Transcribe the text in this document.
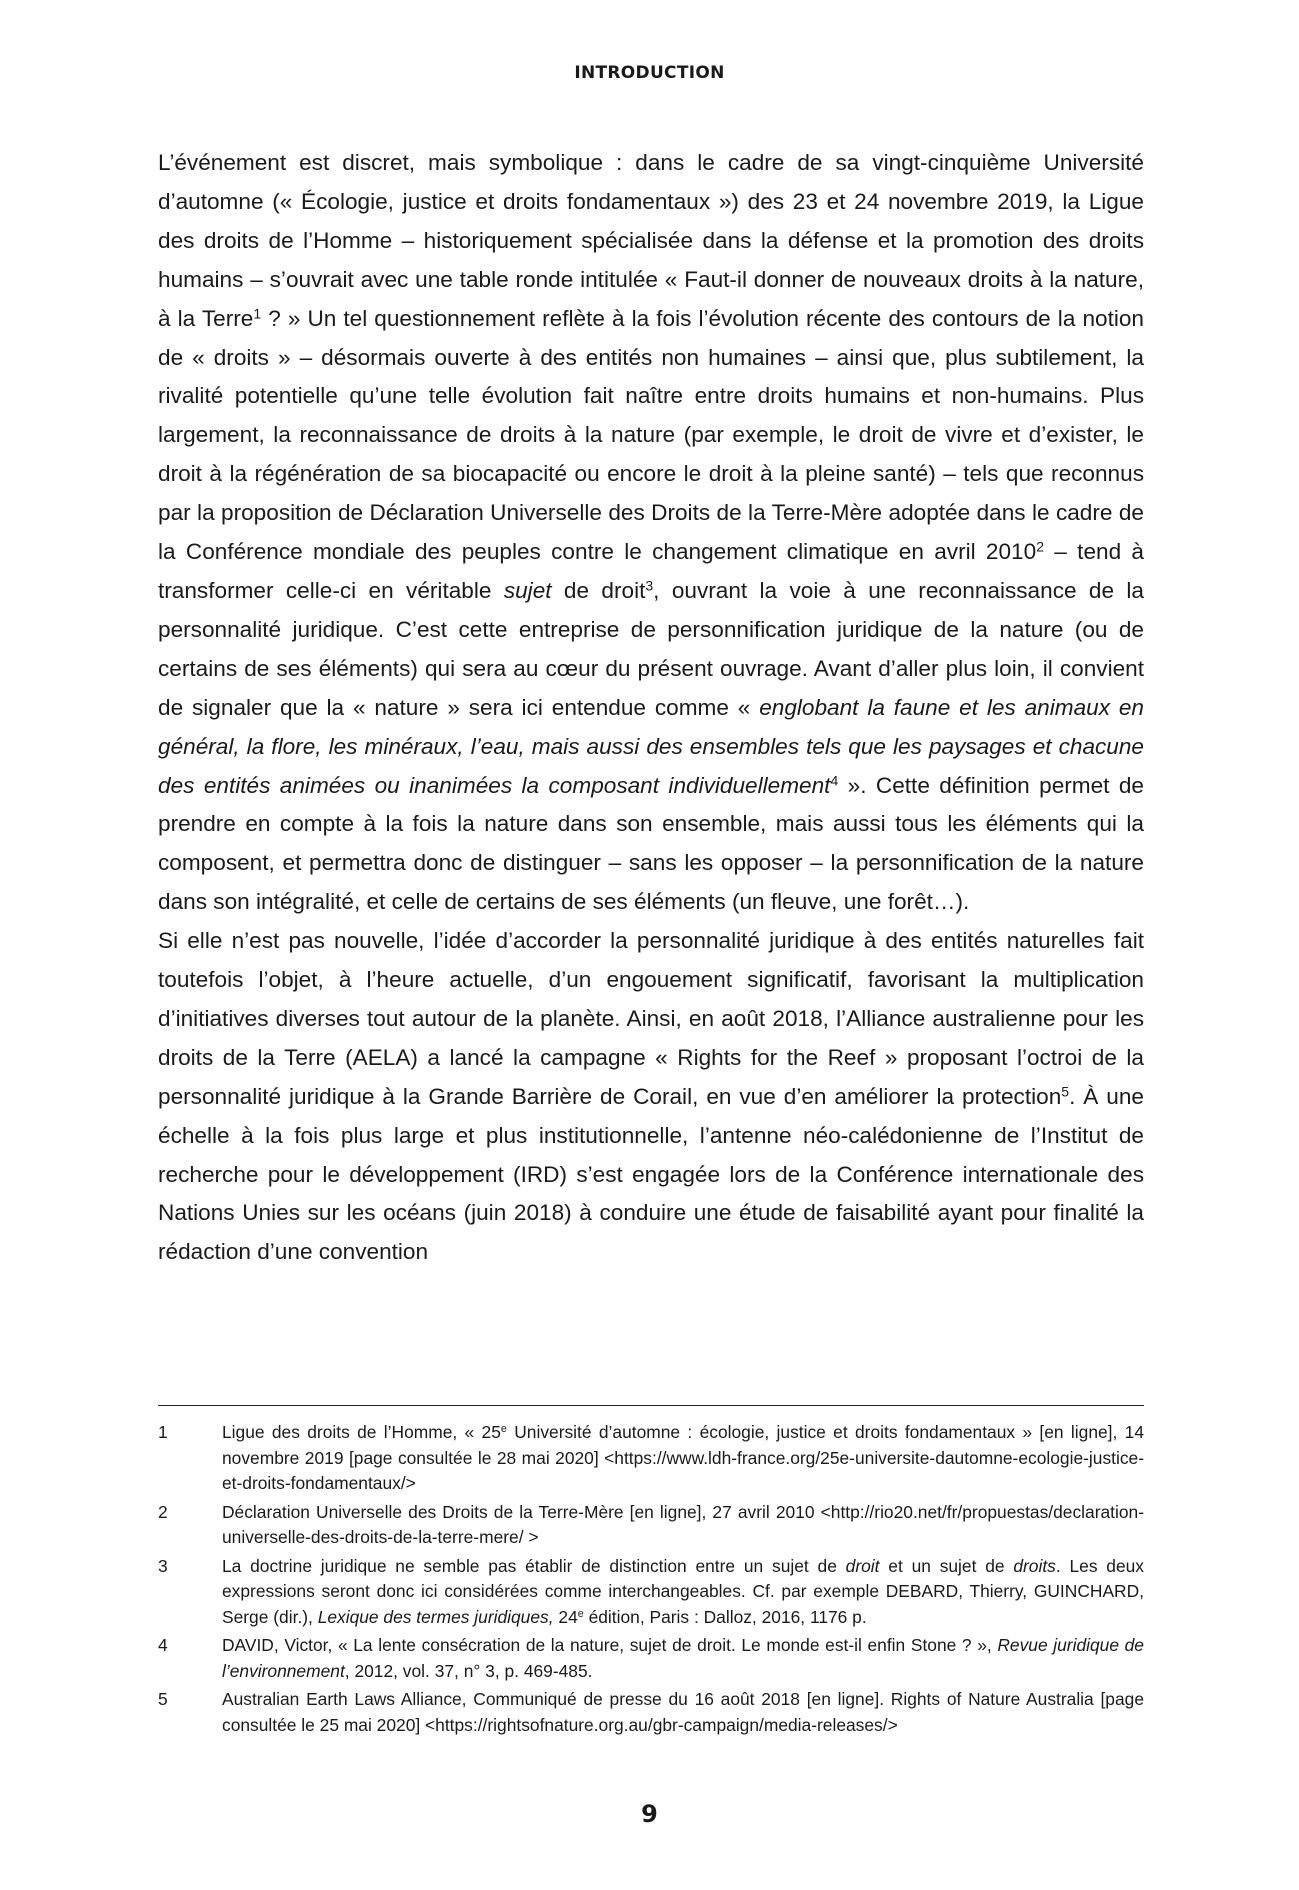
INTRODUCTION

L’événement est discret, mais symbolique : dans le cadre de sa vingt-cinquième Université d’automne (« Écologie, justice et droits fondamentaux ») des 23 et 24 novembre 2019, la Ligue des droits de l’Homme – historiquement spécialisée dans la défense et la promotion des droits humains – s’ouvrait avec une table ronde intitulée « Faut-il donner de nouveaux droits à la nature, à la Terre$^1$ ? » Un tel questionnement reflète à la fois l’évolution récente des contours de la notion de « droits » – désormais ouverte à des entités non humaines – ainsi que, plus subtilement, la rivalité potentielle qu’une telle évolution fait naître entre droits humains et non-humains. Plus largement, la reconnaissance de droits à la nature (par exemple, le droit de vivre et d’exister, le droit à la régénération de sa biocapacité ou encore le droit à la pleine santé) – tels que reconnus par la proposition de Déclaration Universelle des Droits de la Terre-Mère adoptée dans le cadre de la Conférence mondiale des peuples contre le changement climatique en avril 2010$^2$ – tend à transformer celle-ci en véritable sujet de droit$^3$, ouvrant la voie à une reconnaissance de la personnalité juridique. C’est cette entreprise de personnification juridique de la nature (ou de certains de ses éléments) qui sera au cœur du présent ouvrage. Avant d’aller plus loin, il convient de signaler que la « nature » sera ici entendue comme « englobant la faune et les animaux en général, la flore, les minéraux, l’eau, mais aussi des ensembles tels que les paysages et chacune des entités animées ou inanimées la composant individuellement$^4$ ». Cette définition permet de prendre en compte à la fois la nature dans son ensemble, mais aussi tous les éléments qui la composent, et permettra donc de distinguer – sans les opposer – la personnification de la nature dans son intégralité, et celle de certains de ses éléments (un fleuve, une forêt…).

Si elle n’est pas nouvelle, l’idée d’accorder la personnalité juridique à des entités naturelles fait toutefois l’objet, à l’heure actuelle, d’un engouement significatif, favorisant la multiplication d’initiatives diverses tout autour de la planète. Ainsi, en août 2018, l’Alliance australienne pour les droits de la Terre (AELA) a lancé la campagne « Rights for the Reef » proposant l’octroi de la personnalité juridique à la Grande Barrière de Corail, en vue d’en améliorer la protection$^5$. À une échelle à la fois plus large et plus institutionnelle, l’antenne néo-calédonienne de l’Institut de recherche pour le développement (IRD) s’est engagée lors de la Conférence internationale des Nations Unies sur les océans (juin 2018) à conduire une étude de faisabilité ayant pour finalité la rédaction d’une convention

1	Ligue des droits de l’Homme, « 25e Université d’automne : écologie, justice et droits fondamentaux » [en ligne], 14 novembre 2019 [page consultée le 28 mai 2020] <https://www.ldh-france.org/25e-universite-dautomne-ecologie-justice-et-droits-fondamentaux/>
2	Déclaration Universelle des Droits de la Terre-Mère [en ligne], 27 avril 2010 <http://rio20.net/fr/propuestas/declaration-universelle-des-droits-de-la-terre-mere/ >
3	La doctrine juridique ne semble pas établir de distinction entre un sujet de droit et un sujet de droits. Les deux expressions seront donc ici considérées comme interchangeables. Cf. par exemple DEBARD, Thierry, GUINCHARD, Serge (dir.), Lexique des termes juridiques, 24e édition, Paris : Dalloz, 2016, 1176 p.
4	DAVID, Victor, « La lente consécration de la nature, sujet de droit. Le monde est-il enfin Stone ? », Revue juridique de l’environnement, 2012, vol. 37, n° 3, p. 469-485.
5	Australian Earth Laws Alliance, Communiqué de presse du 16 août 2018 [en ligne]. Rights of Nature Australia [page consultée le 25 mai 2020] <https://rightsofnature.org.au/gbr-campaign/media-releases/>
9
